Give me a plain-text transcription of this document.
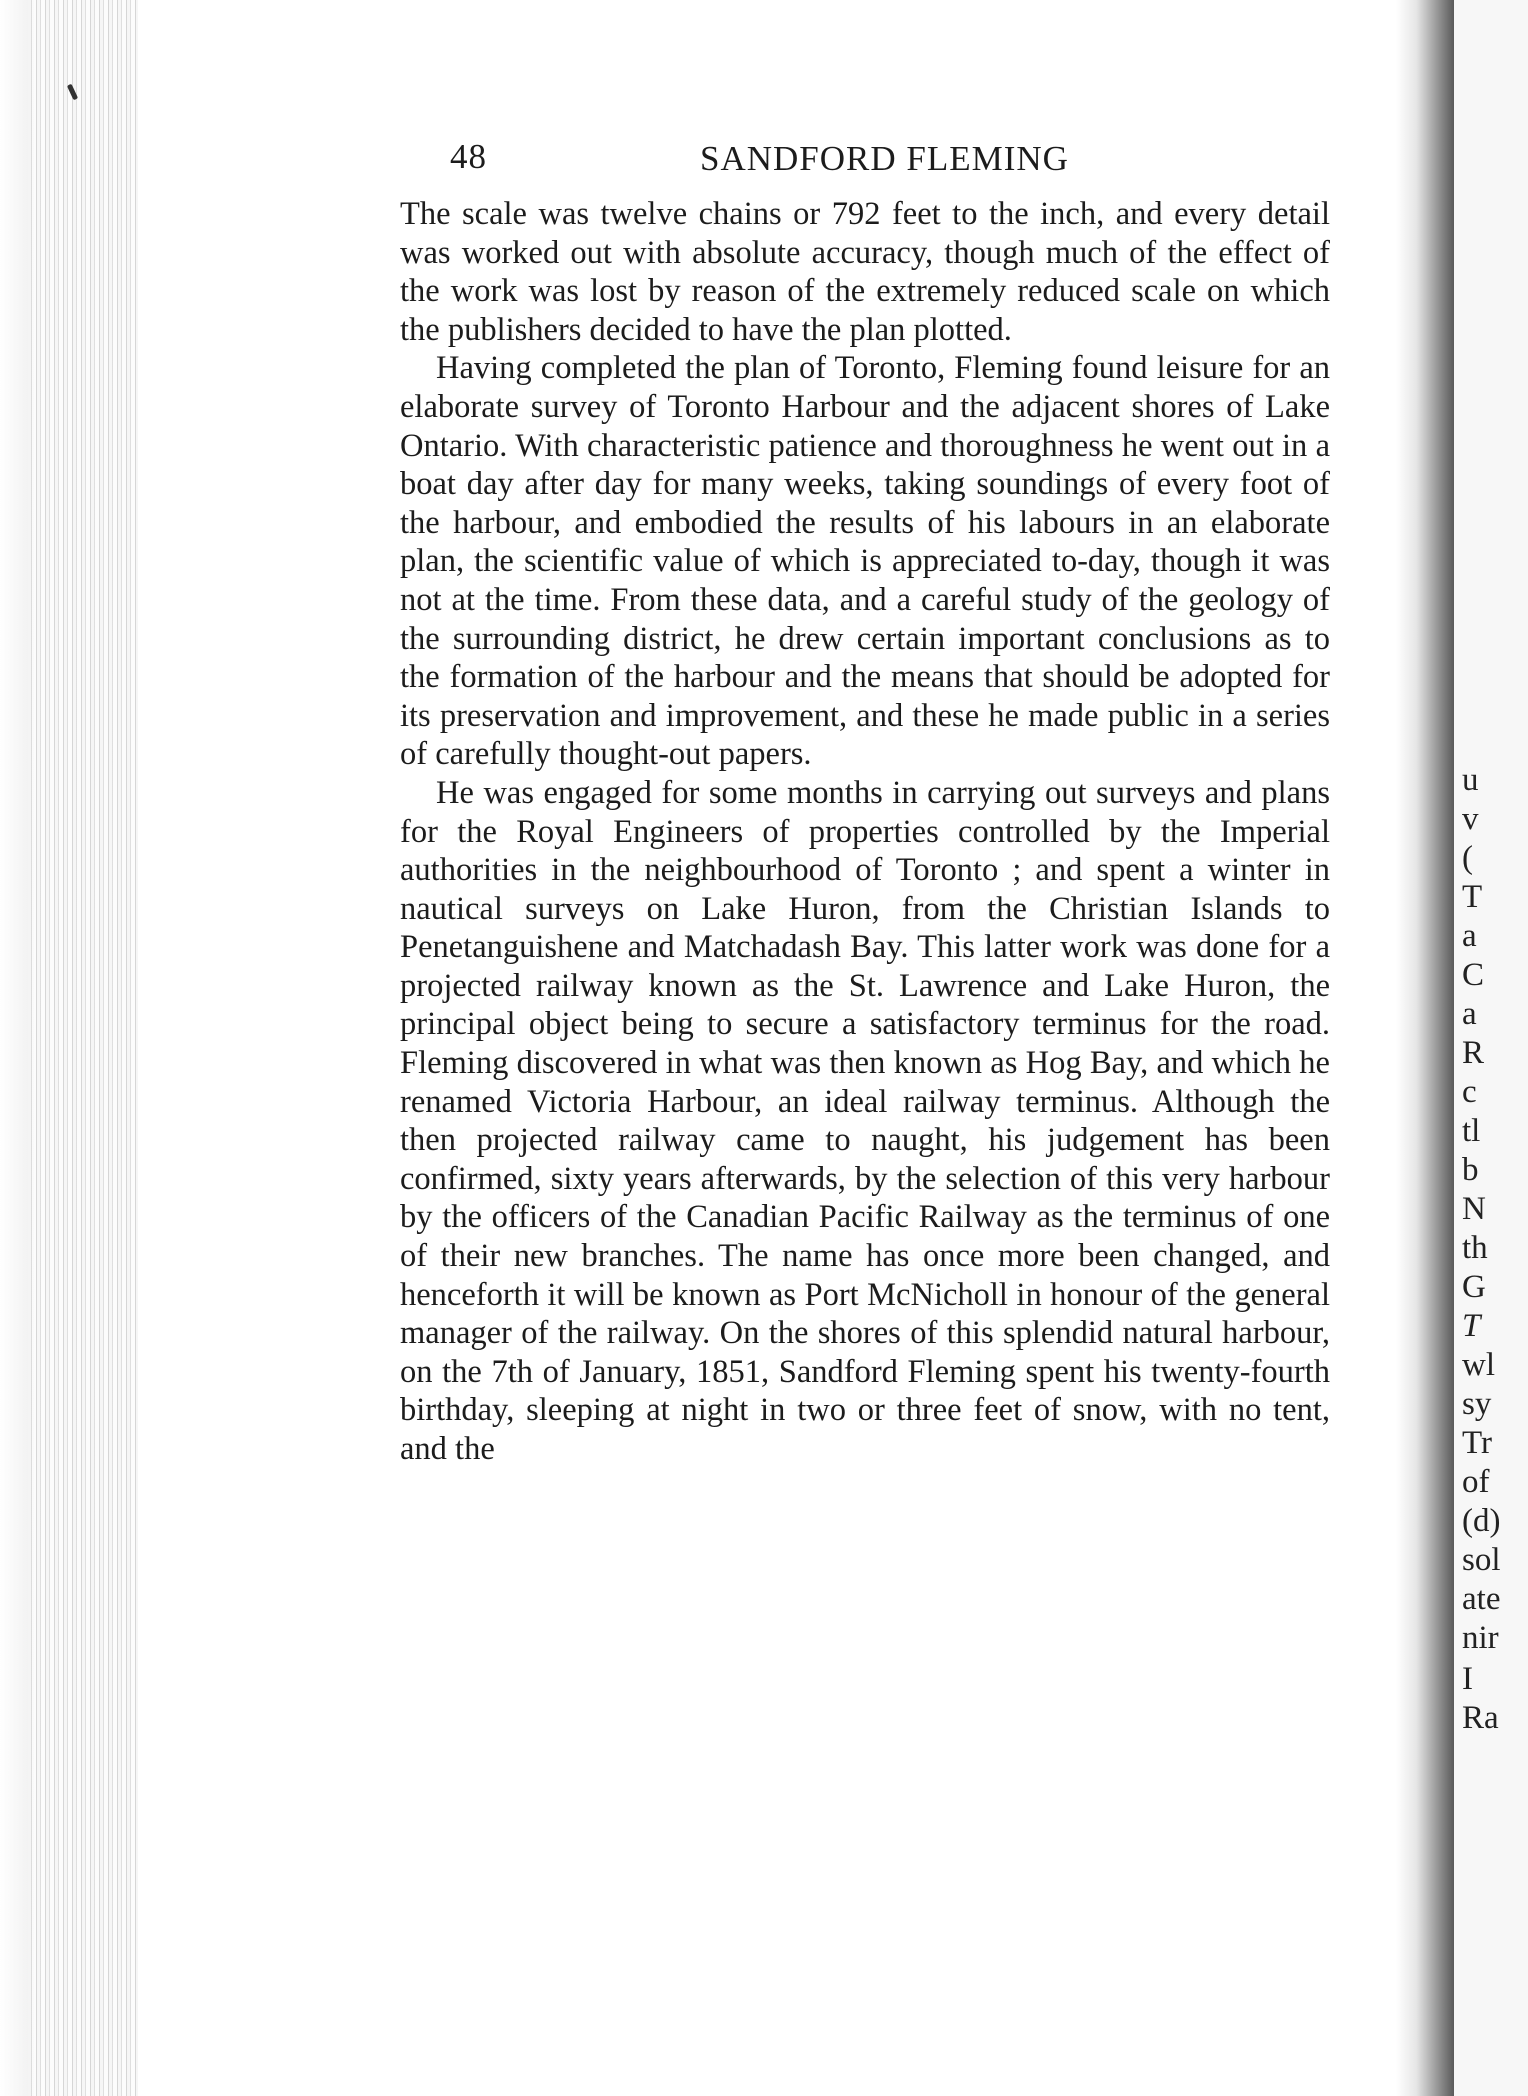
48	SANDFORD FLEMING

The scale was twelve chains or 792 feet to the inch, and every detail was worked out with absolute accuracy, though much of the effect of the work was lost by reason of the extremely reduced scale on which the publishers decided to have the plan plotted.

Having completed the plan of Toronto, Fleming found leisure for an elaborate survey of Toronto Harbour and the adjacent shores of Lake Ontario. With characteristic patience and thoroughness he went out in a boat day after day for many weeks, taking soundings of every foot of the harbour, and embodied the results of his labours in an elaborate plan, the scientific value of which is appreciated to-day, though it was not at the time. From these data, and a careful study of the geology of the surrounding district, he drew certain important conclusions as to the formation of the harbour and the means that should be adopted for its preservation and improvement, and these he made public in a series of carefully thought-out papers.

He was engaged for some months in carrying out surveys and plans for the Royal Engineers of properties controlled by the Imperial authorities in the neighbourhood of Toronto ; and spent a winter in nautical surveys on Lake Huron, from the Christian Islands to Penetanguishene and Matchadash Bay. This latter work was done for a projected railway known as the St. Lawrence and Lake Huron, the principal object being to secure a satisfactory terminus for the road. Fleming discovered in what was then known as Hog Bay, and which he renamed Victoria Harbour, an ideal railway terminus. Although the then projected railway came to naught, his judgement has been confirmed, sixty years afterwards, by the selection of this very harbour by the officers of the Canadian Pacific Railway as the terminus of one of their new branches. The name has once more been changed, and henceforth it will be known as Port McNicholl in honour of the general manager of the railway. On the shores of this splendid natural harbour, on the 7th of January, 1851, Sandford Fleming spent his twenty-fourth birthday, sleeping at night in two or three feet of snow, with no tent, and the

u
v
(
T
a
C
a
R
c
tl
b
N
th
G
T
wl
sy
Tr
of
(d)
sol
ate
nir
I
Ra
